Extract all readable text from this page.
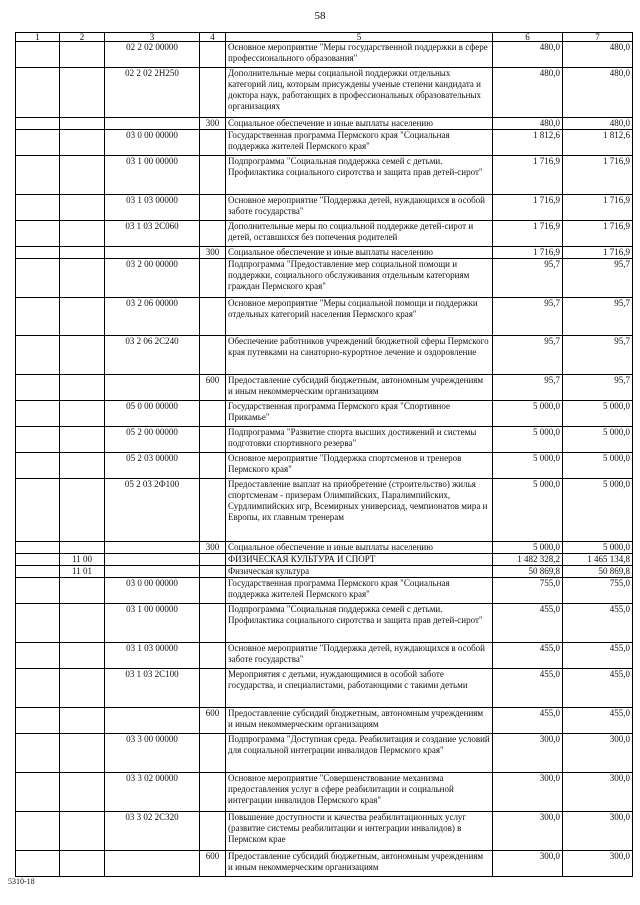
58
1	2	3	4	5	6	7
		02 2 02 00000		Основное мероприятие "Меры государственной поддержки в сфере профессионального образования"	480,0	480,0
		02 2 02 2Н250		Дополнительные меры социальной поддержки отдельных категорий лиц, которым присуждены ученые степени кандидата и доктора наук, работающих в профессиональных образовательных организациях	480,0	480,0
			300	Социальное обеспечение и иные выплаты населению	480,0	480,0
		03 0 00 00000		Государственная программа Пермского края "Социальная поддержка жителей Пермского края"	1 812,6	1 812,6
		03 1 00 00000		Подпрограмма "Социальная поддержка семей с детьми. Профилактика социального сиротства и защита прав детей-сирот"	1 716,9	1 716,9
		03 1 03 00000		Основное мероприятие "Поддержка детей, нуждающихся в особой заботе государства"	1 716,9	1 716,9
		03 1 03 2С060		Дополнительные меры по социальной поддержке детей-сирот и детей, оставшихся без попечения родителей	1 716,9	1 716,9
			300	Социальное обеспечение и иные выплаты населению	1 716,9	1 716,9
		03 2 00 00000		Подпрограмма "Предоставление мер социальной помощи и поддержки, социального обслуживания отдельным категориям граждан Пермского края"	95,7	95,7
		03 2 06 00000		Основное мероприятие "Меры социальной помощи и поддержки отдельных категорий населения Пермского края"	95,7	95,7
		03 2 06 2С240		Обеспечение работников учреждений бюджетной сферы Пермского края путевками на санаторно-курортное лечение и оздоровление	95,7	95,7
			600	Предоставление субсидий бюджетным, автономным учреждениям и иным некоммерческим организациям	95,7	95,7
		05 0 00 00000		Государственная программа Пермского края "Спортивное Прикамье"	5 000,0	5 000,0
		05 2 00 00000		Подпрограмма "Развитие спорта высших достижений и системы подготовки спортивного резерва"	5 000,0	5 000,0
		05 2 03 00000		Основное мероприятие "Поддержка спортсменов и тренеров Пермского края"	5 000,0	5 000,0
		05 2 03 2Ф100		Предоставление выплат на приобретение (строительство) жилья спортсменам - призерам Олимпийских, Паралимпийских, Сурдлимпийских игр, Всемирных универсиад, чемпионатов мира и Европы, их главным тренерам	5 000,0	5 000,0
			300	Социальное обеспечение и иные выплаты населению	5 000,0	5 000,0
	11 00			ФИЗИЧЕСКАЯ КУЛЬТУРА И СПОРТ	1 482 328,2	1 465 134,8
	11 01			Физическая культура	50 869,8	50 869,8
		03 0 00 00000		Государственная программа Пермского края "Социальная поддержка жителей Пермского края"	755,0	755,0
		03 1 00 00000		Подпрограмма "Социальная поддержка семей с детьми. Профилактика социального сиротства и защита прав детей-сирот"	455,0	455,0
		03 1 03 00000		Основное мероприятие "Поддержка детей, нуждающихся в особой заботе государства"	455,0	455,0
		03 1 03 2С100		Мероприятия с детьми, нуждающимися в особой заботе государства, и специалистами, работающими с такими детьми	455,0	455,0
			600	Предоставление субсидий бюджетным, автономным учреждениям и иным некоммерческим организациям	455,0	455,0
		03 3 00 00000		Подпрограмма "Доступная среда. Реабилитация и создание условий для социальной интеграции инвалидов Пермского края"	300,0	300,0
		03 3 02 00000		Основное мероприятие "Совершенствование механизма предоставления услуг в сфере реабилитации и социальной интеграции инвалидов Пермского края"	300,0	300,0
		03 3 02 2С320		Повышение доступности и качества реабилитационных услуг (развитие системы реабилитации и интеграции инвалидов) в Пермском крае	300,0	300,0
			600	Предоставление субсидий бюджетным, автономным учреждениям и иным некоммерческим организациям	300,0	300,0
5310-18
